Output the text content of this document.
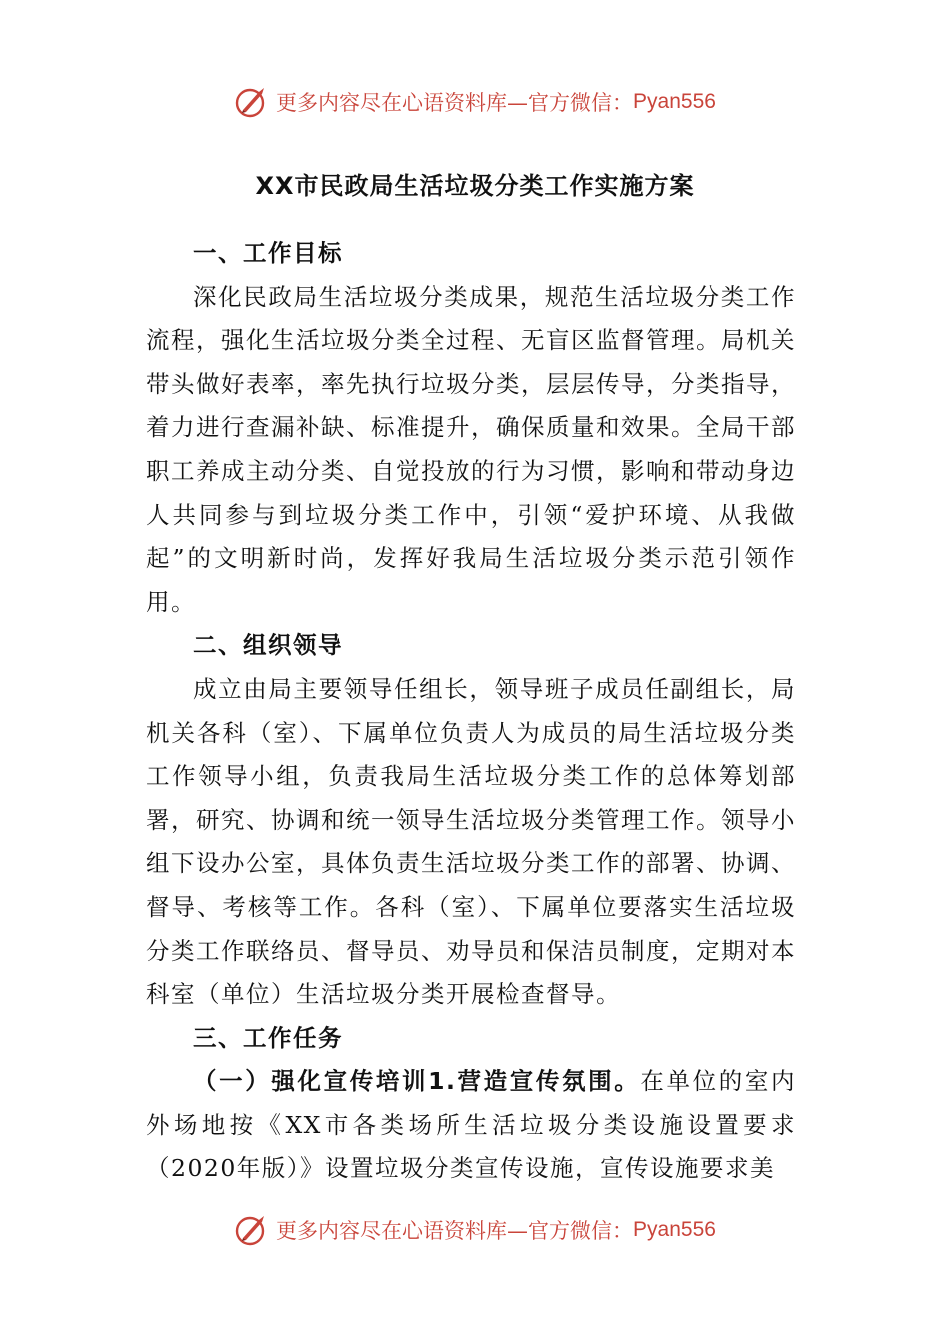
更多内容尽在心语资料库—官方微信： Pyan556
XX市民政局生活垃圾分类工作实施方案
一、工作目标

深化民政局生活垃圾分类成果，规范生活垃圾分类工作流程，强化生活垃圾分类全过程、无盲区监督管理。局机关带头做好表率，率先执行垃圾分类，层层传导，分类指导，着力进行查漏补缺、标准提升，确保质量和效果。全局干部职工养成主动分类、自觉投放的行为习惯，影响和带动身边人共同参与到垃圾分类工作中，引领“爱护环境、从我做起”的文明新时尚，发挥好我局生活垃圾分类示范引领作用。

二、组织领导

成立由局主要领导任组长，领导班子成员任副组长，局机关各科（室）、下属单位负责人为成员的局生活垃圾分类工作领导小组，负责我局生活垃圾分类工作的总体筹划部署，研究、协调和统一领导生活垃圾分类管理工作。领导小组下设办公室，具体负责生活垃圾分类工作的部署、协调、督导、考核等工作。各科（室）、下属单位要落实生活垃圾分类工作联络员、督导员、劝导员和保洁员制度，定期对本科室（单位）生活垃圾分类开展检查督导。

三、工作任务

（一）强化宣传培训1.营造宣传氛围。在单位的室内外场地按《XX市各类场所生活垃圾分类设施设置要求（2020年版）》设置垃圾分类宣传设施，宣传设施要求美

更多内容尽在心语资料库—官方微信： Pyan556
